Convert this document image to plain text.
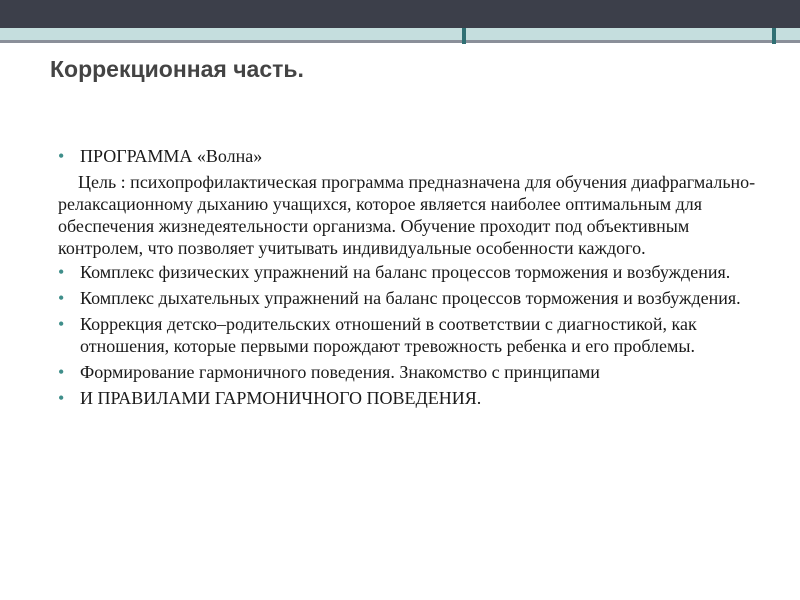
Коррекционная часть.
• ПРОГРАММА «Волна»
Цель : психопрофилактическая программа предназначена для обучения диафрагмально-релаксационному дыханию учащихся, которое является наиболее оптимальным для обеспечения жизнедеятельности организма. Обучение проходит под объективным контролем, что позволяет учитывать индивидуальные особенности каждого.
• Комплекс физических упражнений на баланс процессов торможения и возбуждения.
• Комплекс дыхательных упражнений на баланс процессов торможения и возбуждения.
• Коррекция детско–родительских отношений в соответствии с диагностикой, как отношения, которые первыми порождают тревожность ребенка и его проблемы.
• Формирование гармоничного поведения. Знакомство с принципами
• И ПРАВИЛАМИ ГАРМОНИЧНОГО ПОВЕДЕНИЯ.
